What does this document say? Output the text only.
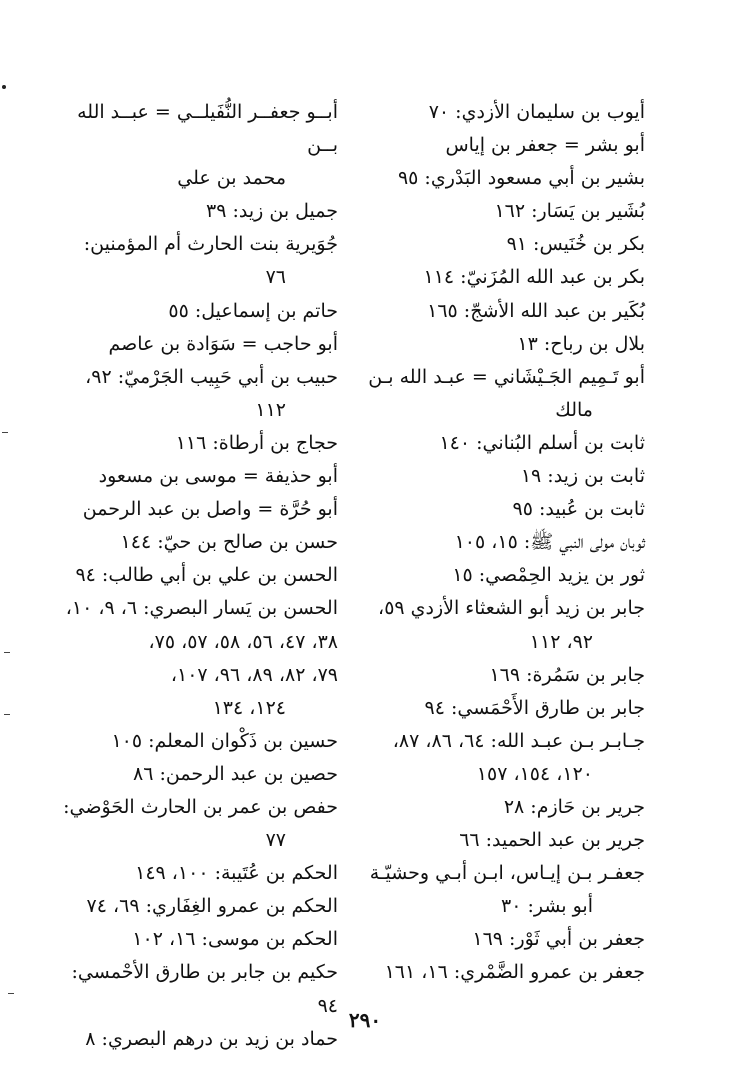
أيوب بن سليمان الأزدي: ٧٠
أبو بشر = جعفر بن إياس
بشير بن أبي مسعود البَدْري: ٩٥
بُشَير بن يَسَار: ١٦٢
بكر بن خُنَيس: ٩١
بكر بن عبد الله المُزَنيّ: ١١٤
بُكَير بن عبد الله الأشجّ: ١٦٥
بلال بن رباح: ١٣
أبو تَـمِيم الجَـيْشَاني = عبـد الله بـن
مالك
ثابت بن أسلم البُناني: ١٤٠
ثابت بن زيد: ١٩
ثابت بن عُبيد: ٩٥
ثوبان مولى النبي ﷺ: ١٥، ١٠٥
ثور بن يزيد الحِمْصي: ١٥
جابر بن زيد أبو الشعثاء الأزدي ٥٩،
٩٢، ١١٢
جابر بن سَمُرة: ١٦٩
جابر بن طارق الأَحْمَسي: ٩٤
جـابـر بـن عبـد الله: ٦٤، ٨٦، ٨٧،
١٢٠، ١٥٤، ١٥٧
جرير بن حَازم: ٢٨
جرير بن عبد الحميد: ٦٦
جعفـر بـن إيـاس، ابـن أبـي وحشيّـة
أبو بشر: ٣٠
جعفر بن أبي ثَوْر: ١٦٩
جعفر بن عمرو الضَّمْري: ١٦، ١٦١
أبــو جعفــر النُّفَيلــي = عبــد الله بــن
محمد بن علي
جميل بن زيد: ٣٩
جُوَيرية بنت الحارث أم المؤمنين:
٧٦
حاتم بن إسماعيل: ٥٥
أبو حاجب = سَوَادة بن عاصم
حبيب بن أبي حَبِيب الجَرْميّ: ٩٢،
١١٢
حجاج بن أرطاة: ١١٦
أبو حذيفة = موسى بن مسعود
أبو حُرَّة = واصل بن عبد الرحمن
حسن بن صالح بن حيّ: ١٤٤
الحسن بن علي بن أبي طالب: ٩٤
الحسن بن يَسار البصري: ٦، ٩، ١٠،
٣٨، ٤٧، ٥٦، ٥٨، ٥٧، ٧٥،
٧٩، ٨٢، ٨٩، ٩٦، ١٠٧،
١٢٤، ١٣٤
حسين بن ذَكْوان المعلم: ١٠٥
حصين بن عبد الرحمن: ٨٦
حفص بن عمر بن الحارث الحَوْضي:
٧٧
الحكم بن عُتَيبة: ١٠٠، ١٤٩
الحكم بن عمرو الغِفَاري: ٦٩، ٧٤
الحكم بن موسى: ١٦، ١٠٢
حكيم بن جابر بن طارق الأحْمسي: ٩٤
حماد بن زيد بن درهم البصري: ٨
٢٩٠
